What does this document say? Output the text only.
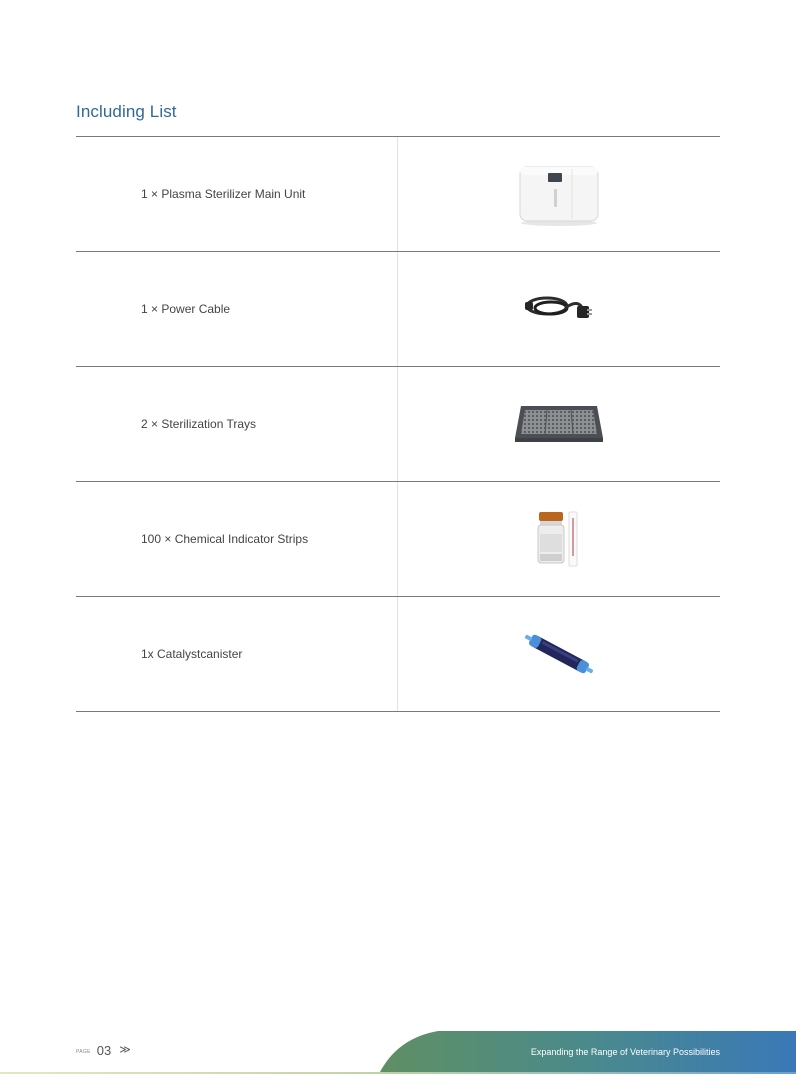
Including List
1 × Plasma Sterilizer Main Unit
1 × Power Cable
2 × Sterilization Trays
100 × Chemical Indicator Strips
1x Catalystcanister
PAGE 03 ≫	Expanding the Range of Veterinary Possibilities
